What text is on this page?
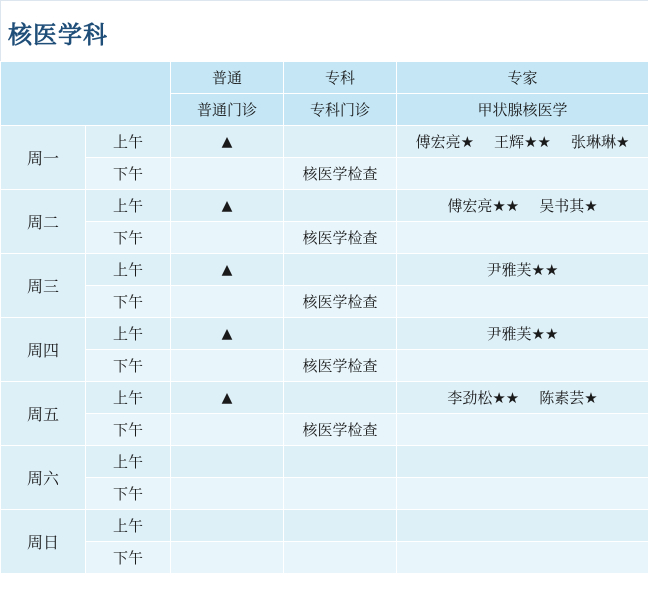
核医学科
		普通	专科	专家
		普通门诊	专科门诊	甲状腺核医学
周一	上午	▲		傅宏亮★ 王辉★★ 张琳琳★
	下午		核医学检查	
周二	上午	▲		傅宏亮★★ 吴书其★
	下午		核医学检查	
周三	上午	▲		尹雅芙★★
	下午		核医学检查	
周四	上午	▲		尹雅芙★★
	下午		核医学检查	
周五	上午	▲		李劲松★★ 陈素芸★
	下午		核医学检查	
周六	上午			
	下午			
周日	上午			
	下午			
